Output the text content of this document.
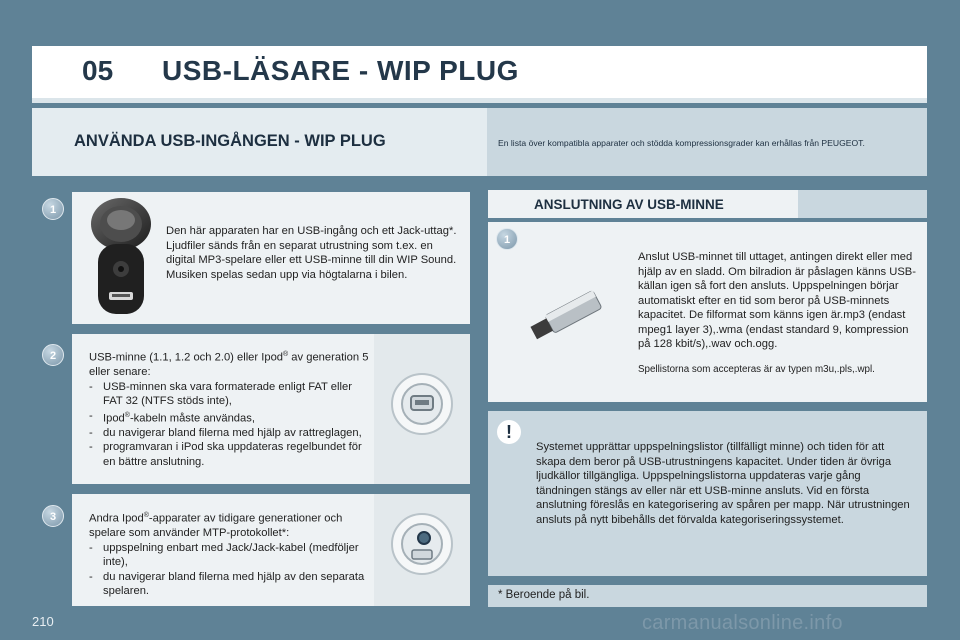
05 USB-LÄSARE - WIP PLUG
ANVÄNDA USB-INGÅNGEN - WIP PLUG	En lista över kompatibla apparater och stödda kompressionsgrader kan erhållas från PEUGEOT.
Den här apparaten har en USB-ingång och ett Jack-uttag*. Ljudfiler sänds från en separat utrustning som t.ex. en digital MP3-spelare eller ett USB-minne till din WIP Sound. Musiken spelas sedan upp via högtalarna i bilen.
1
USB-minne (1.1, 1.2 och 2.0) eller Ipod® av generation 5 eller senare:
- USB-minnen ska vara formaterade enligt FAT eller FAT 32 (NTFS stöds inte),
- Ipod®-kabeln måste användas,
- du navigerar bland filerna med hjälp av rattreglagen,
- programvaran i iPod ska uppdateras regelbundet för en bättre anslutning.
2
Andra Ipod®-apparater av tidigare generationer och spelare som använder MTP-protokollet*:
- uppspelning enbart med Jack/Jack-kabel (medföljer inte),
- du navigerar bland filerna med hjälp av den separata spelaren.
3
ANSLUTNING AV USB-MINNE
Anslut USB-minnet till uttaget, antingen direkt eller med hjälp av en sladd. Om bilradion är påslagen känns USB-källan igen så fort den ansluts. Uppspelningen börjar automatiskt efter en tid som beror på USB-minnets kapacitet. De filformat som känns igen är.mp3 (endast mpeg1 layer 3),.wma (endast standard 9, kompression på 128 kbit/s),.wav och.ogg.
Spellistorna som accepteras är av typen m3u,.pls,.wpl.
1
Systemet upprättar uppspelningslistor (tillfälligt minne) och tiden för att skapa dem beror på USB-utrustningens kapacitet. Under tiden är övriga ljudkällor tillgängliga. Uppspelningslistorna uppdateras varje gång tändningen stängs av eller när ett USB-minne ansluts. Vid en första anslutning föreslås en kategorisering av spåren per mapp. När utrustningen ansluts på nytt bibehålls det förvalda kategoriseringssystemet.
!
* Beroende på bil.
210	carmanualsonline.info
